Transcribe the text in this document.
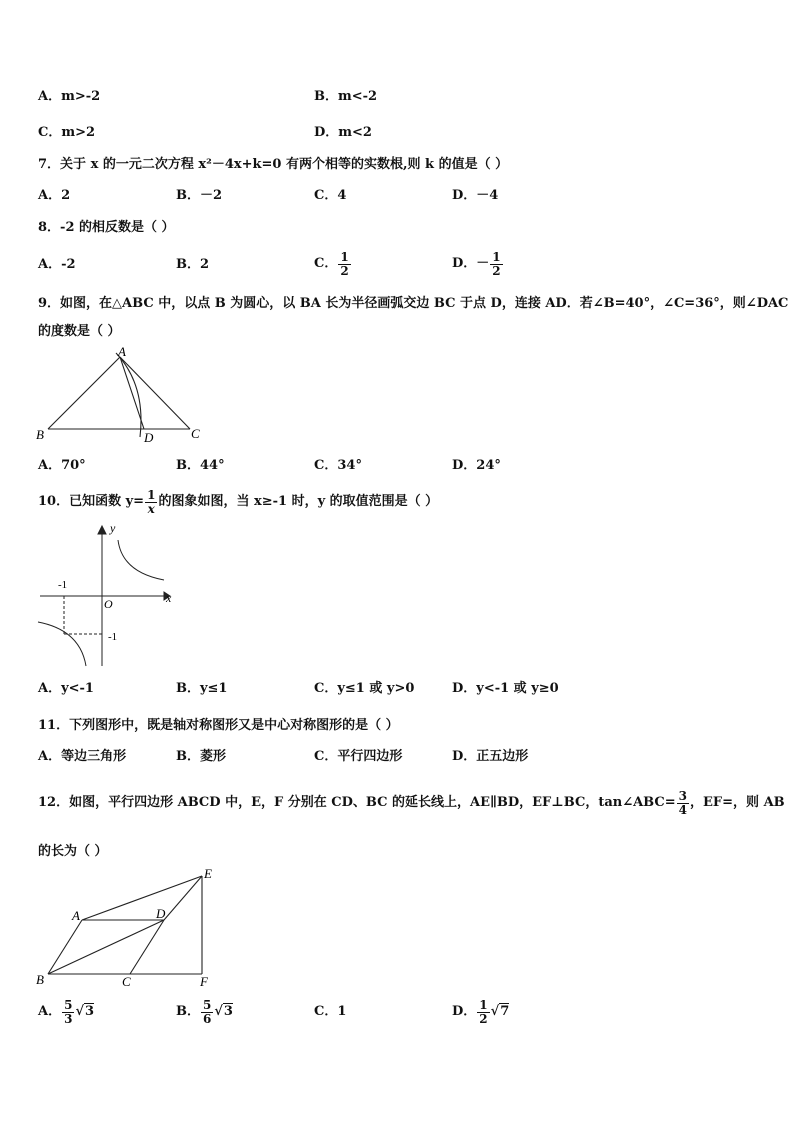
A．m>-2	B．m<-2
C．m>2	D．m<2
7．关于 x 的一元二次方程 x²－4x+k=0 有两个相等的实数根,则 k 的值是（ ）
A．2	B．－2	C．4	D．－4
8．-2 的相反数是（ ）
A．-2	B．2	C． $\frac{1}{2}$	D．－ $\frac{1}{2}$
9．如图，在△ABC 中，以点 B 为圆心，以 BA 长为半径画弧交边 BC 于点 D，连接 AD．若∠B=40°，∠C=36°，则∠DAC
的度数是（ ）
A
B	D	C
A．70°	B．44°	C．34°	D．24°
10．已知函数 $y= \frac{1}{x}$ 的图象如图，当 x≥-1 时，y 的取值范围是（ ）
y
x
O
-1
-1
A．y<-1	B．y≤1	C．y≤1 或 y>0	D．y<-1 或 y≥0
11．下列图形中，既是轴对称图形又是中心对称图形的是（ ）
A．等边三角形	B．菱形	C．平行四边形	D．正五边形
12．如图，平行四边形 ABCD 中，E，F 分别在 CD、BC 的延长线上，AE∥BD，EF⊥BC，tan∠ABC= $\frac{3}{4}$ ，EF=，则 AB
的长为（ ）
A	D
E
B	C	F
A． $\frac{5}{3} √3$	B． $\frac{5}{6} √3$	C． 1	D． $\frac{1}{2} √7$
